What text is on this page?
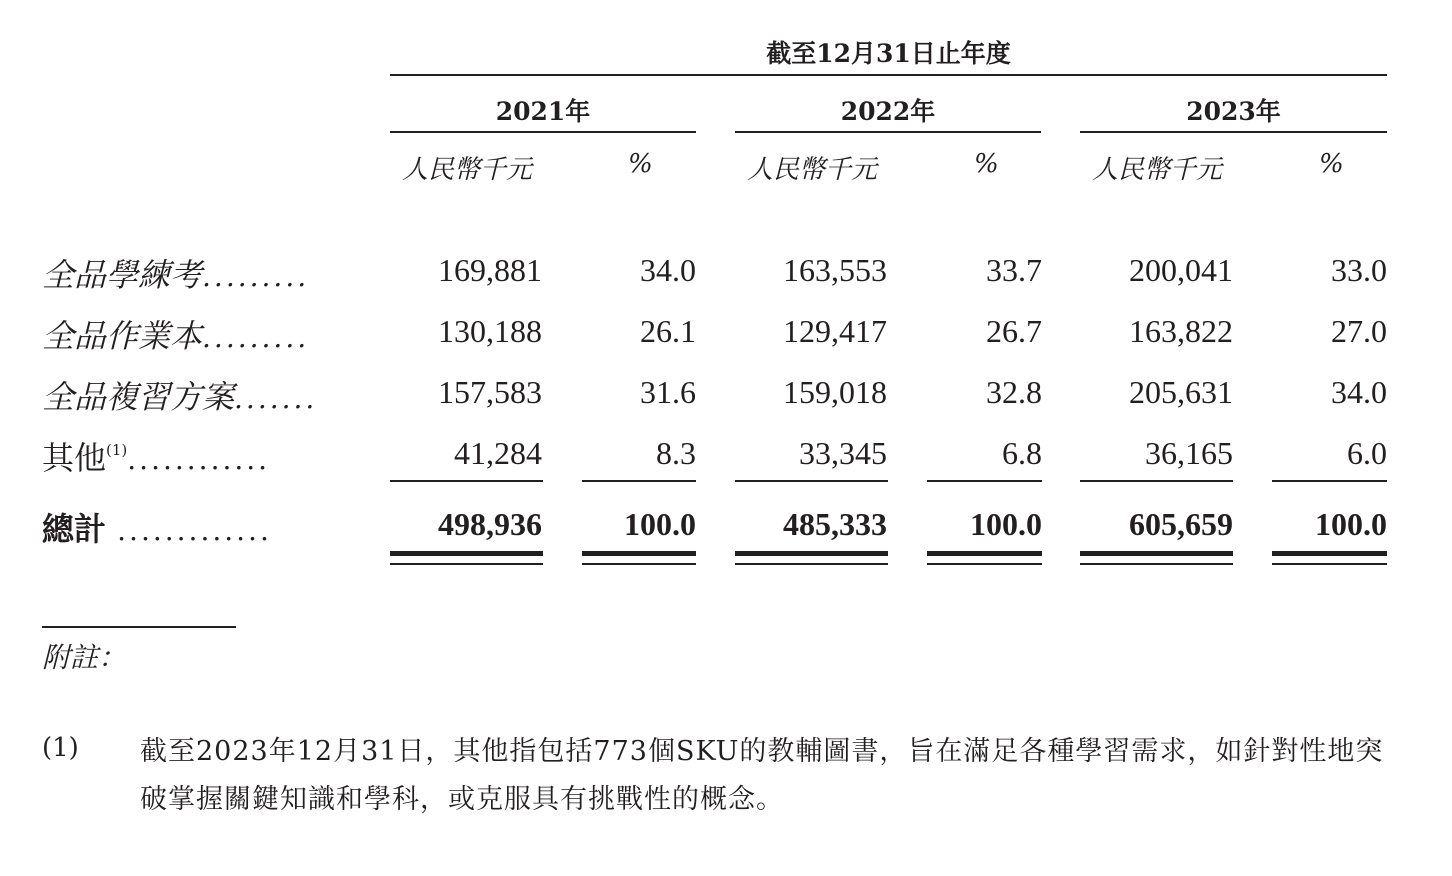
截至12月31日止年度
2021年	2022年	2023年
人民幣千元	%	人民幣千元	%	人民幣千元	%
全品學練考.........	169,881	34.0	163,553	33.7	200,041	33.0
全品作業本.........	130,188	26.1	129,417	26.7	163,822	27.0
全品複習方案.......	157,583	31.6	159,018	32.8	205,631	34.0
其他$^{(1)}$............	41,284	8.3	33,345	6.8	36,165	6.0
總計 .............	498,936	100.0	485,333	100.0	605,659	100.0
附註：
(1) 截至2023年12月31日，其他指包括773個SKU的教輔圖書，旨在滿足各種學習需求，如針對性地突破掌握關鍵知識和學科，或克服具有挑戰性的概念。
